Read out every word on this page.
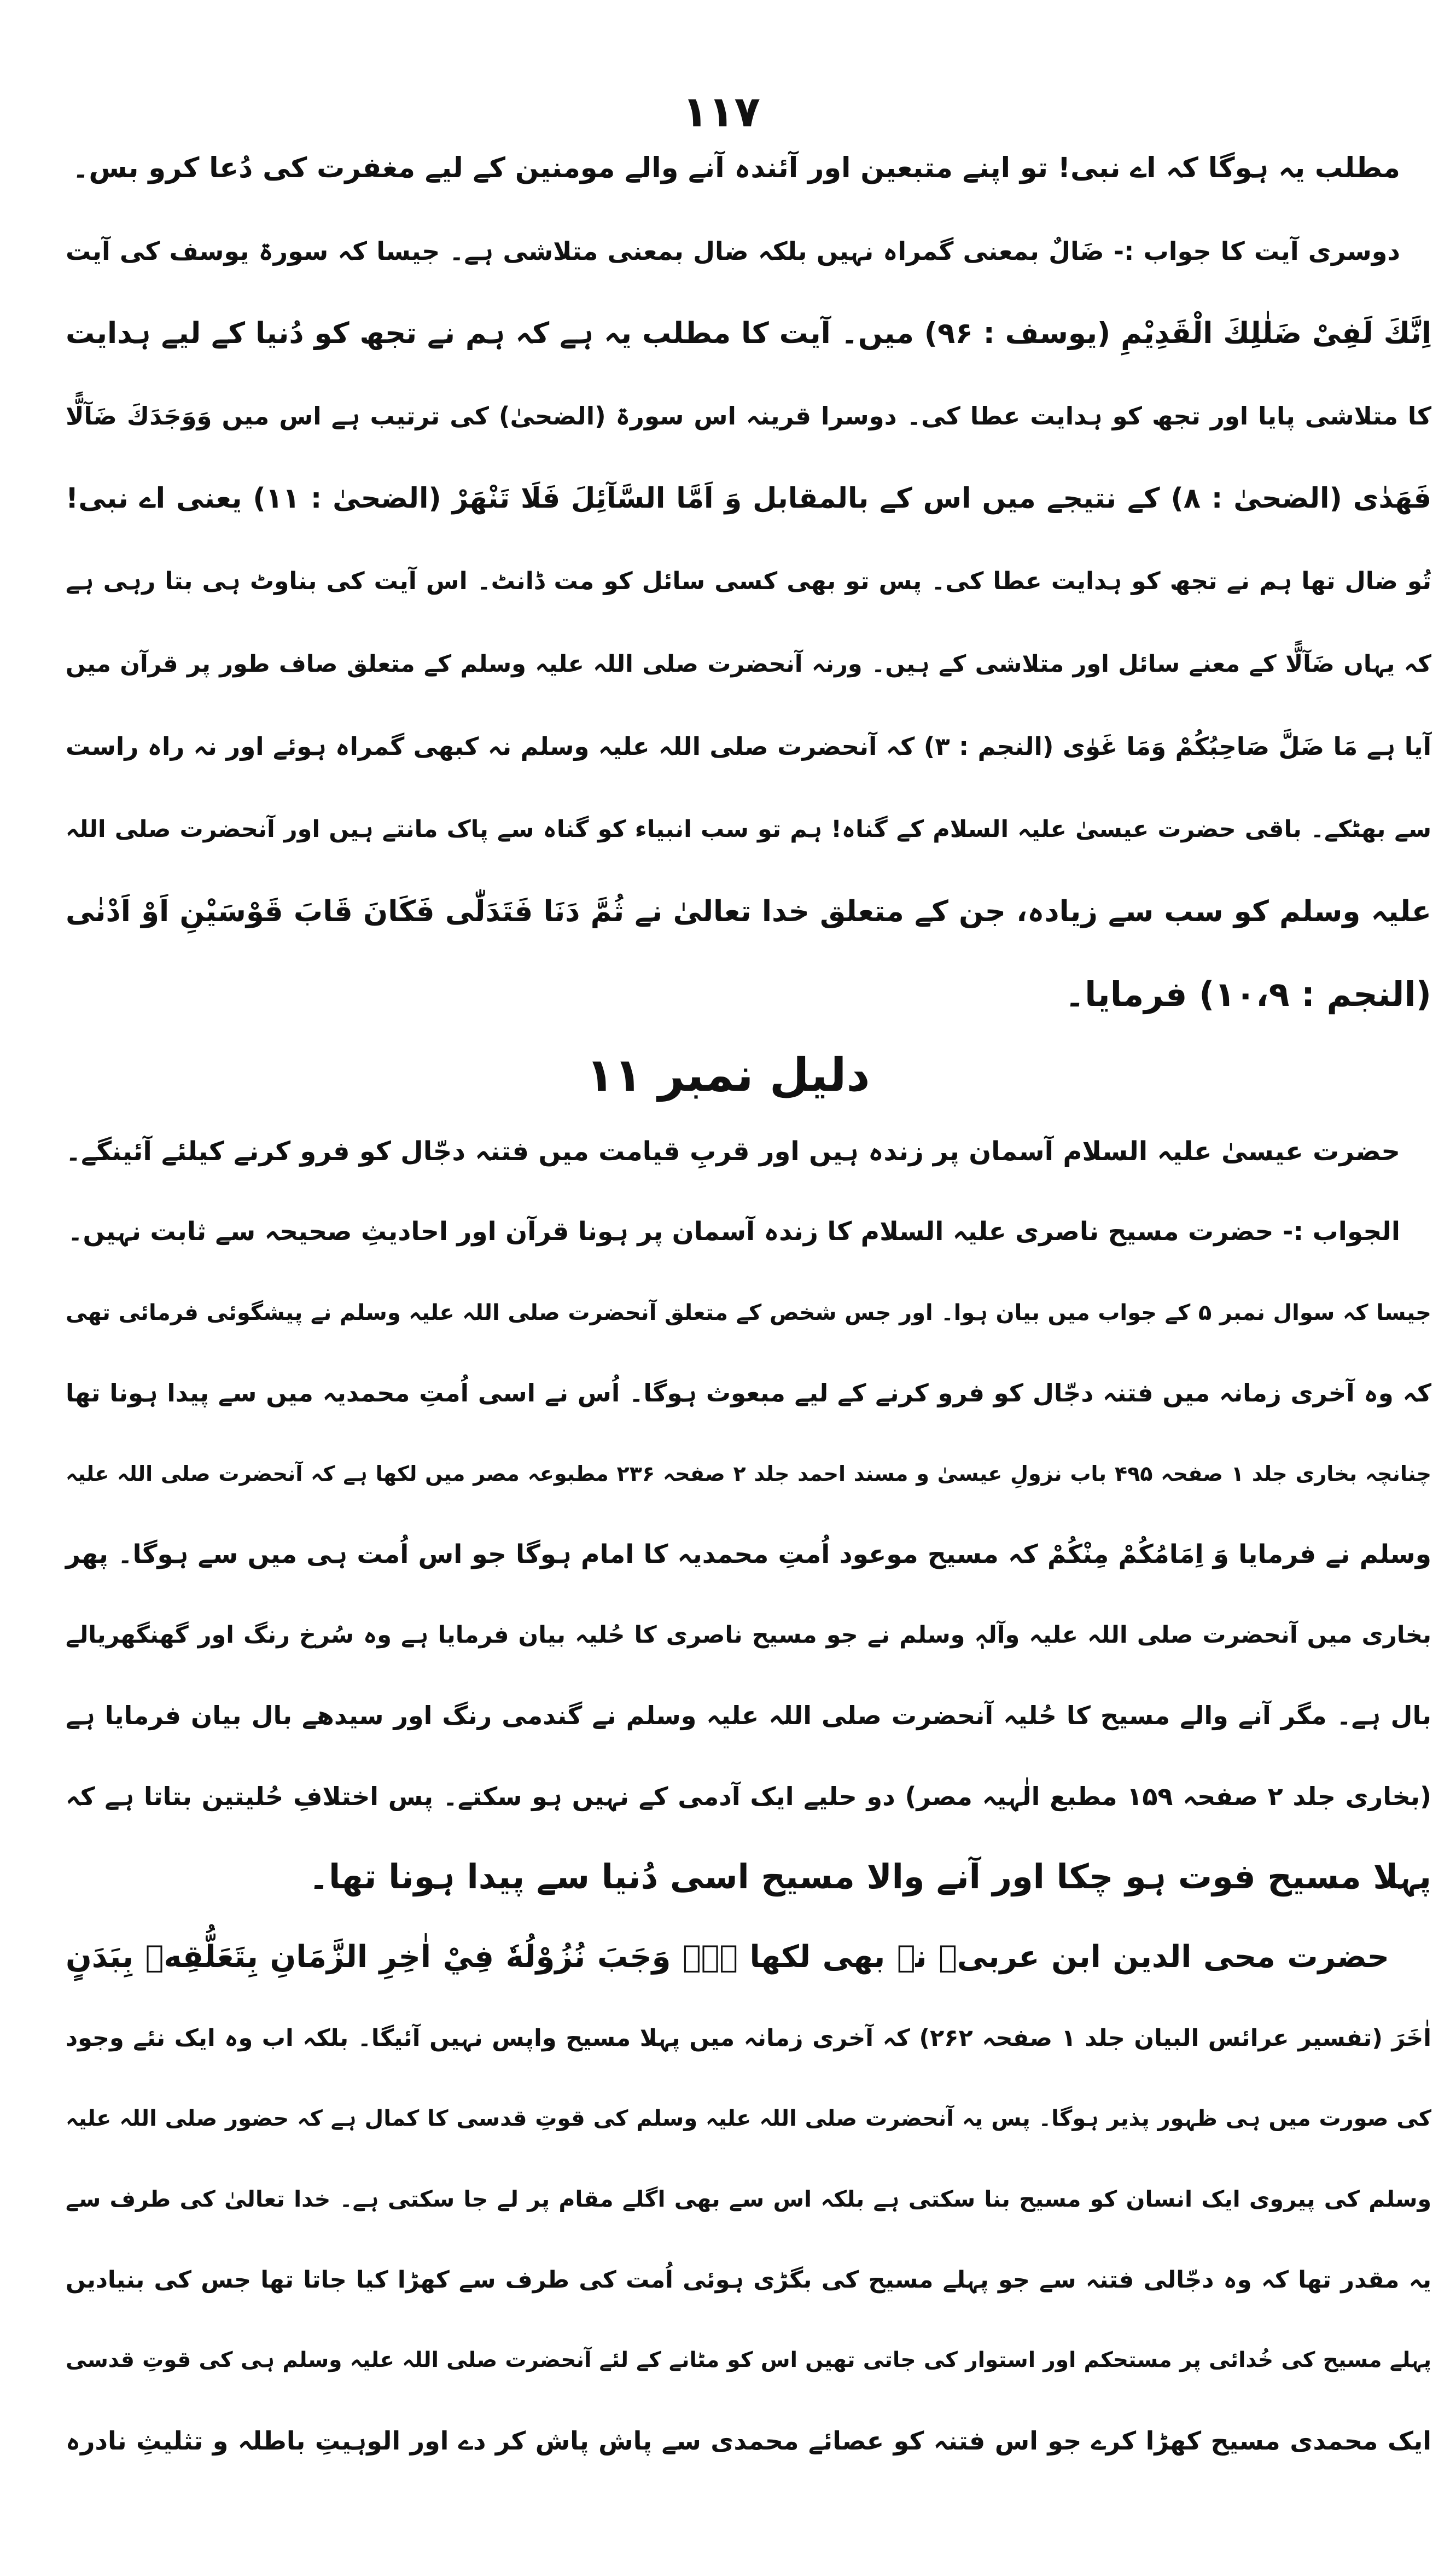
۱۱۷
مطلب یہ ہوگا کہ اے نبی! تو اپنے متبعین اور آئندہ آنے والے مومنین کے لیے مغفرت کی دُعا کرو بس۔
دوسری آیت کا جواب :- ضَالٌ بمعنی گمراہ نہیں بلکہ ضال بمعنی متلاشی ہے۔ جیسا کہ سورۃ یوسف کی آیت
اِنَّكَ لَفِىْ ضَلٰلِكَ الْقَدِيْمِ (یوسف : ۹۶) میں۔ آیت کا مطلب یہ ہے کہ ہم نے تجھ کو دُنیا کے لیے ہدایت
کا متلاشی پایا اور تجھ کو ہدایت عطا کی۔ دوسرا قرینہ اس سورۃ (الضحیٰ) کی ترتیب ہے اس میں وَوَجَدَكَ ضَآلًّا
فَهَدٰى (الضحیٰ : ۸) کے نتیجے میں اس کے بالمقابل وَ اَمَّا السَّآئِلَ فَلَا تَنْهَرْ (الضحیٰ : ۱۱) یعنی اے نبی!
تُو ضال تھا ہم نے تجھ کو ہدایت عطا کی۔ پس تو بھی کسی سائل کو مت ڈانٹ۔ اس آیت کی بناوٹ ہی بتا رہی ہے
کہ یہاں ضَآلًّا کے معنے سائل اور متلاشی کے ہیں۔ ورنہ آنحضرت صلی اللہ علیہ وسلم کے متعلق صاف طور پر قرآن میں
آیا ہے مَا ضَلَّ صَاحِبُكُمْ وَمَا غَوٰى (النجم : ۳) کہ آنحضرت صلی اللہ علیہ وسلم نہ کبھی گمراہ ہوئے اور نہ راہ راست
سے بھٹکے۔ باقی حضرت عیسیٰ علیہ السلام کے گناہ! ہم تو سب انبیاء کو گناہ سے پاک مانتے ہیں اور آنحضرت صلی اللہ
علیہ وسلم کو سب سے زیادہ، جن کے متعلق خدا تعالیٰ نے ثُمَّ دَنَا فَتَدَلّٰى فَكَانَ قَابَ قَوْسَيْنِ اَوْ اَدْنٰى
(النجم : ۱۰،۹) فرمایا۔
دلیل نمبر ۱۱
حضرت عیسیٰ علیہ السلام آسمان پر زندہ ہیں اور قربِ قیامت میں فتنہ دجّال کو فرو کرنے کیلئے آئینگے۔
الجواب :- حضرت مسیح ناصری علیہ السلام کا زندہ آسمان پر ہونا قرآن اور احادیثِ صحیحہ سے ثابت نہیں۔
جیسا کہ سوال نمبر ۵ کے جواب میں بیان ہوا۔ اور جس شخص کے متعلق آنحضرت صلی اللہ علیہ وسلم نے پیشگوئی فرمائی تھی
کہ وہ آخری زمانہ میں فتنہ دجّال کو فرو کرنے کے لیے مبعوث ہوگا۔ اُس نے اسی اُمتِ محمدیہ میں سے پیدا ہونا تھا
چنانچہ بخاری جلد ۱ صفحہ ۴۹۵ باب نزولِ عیسیٰ و مسند احمد جلد ۲ صفحہ ۲۳۶ مطبوعہ مصر میں لکھا ہے کہ آنحضرت صلی اللہ علیہ
وسلم نے فرمایا وَ اِمَامُكُمْ مِنْكُمْ کہ مسیح موعود اُمتِ محمدیہ کا امام ہوگا جو اس اُمت ہی میں سے ہوگا۔ پھر
بخاری میں آنحضرت صلی اللہ علیہ وآلہٖ وسلم نے جو مسیح ناصری کا حُلیہ بیان فرمایا ہے وہ سُرخ رنگ اور گھنگھریالے
بال ہے۔ مگر آنے والے مسیح کا حُلیہ آنحضرت صلی اللہ علیہ وسلم نے گندمی رنگ اور سیدھے بال بیان فرمایا ہے
(بخاری جلد ۲ صفحہ ۱۵۹ مطبع الٰہیہ مصر) دو حلیے ایک آدمی کے نہیں ہو سکتے۔ پس اختلافِ حُلیتین بتاتا ہے کہ
پہلا مسیح فوت ہو چکا اور آنے والا مسیح اسی دُنیا سے پیدا ہونا تھا۔
حضرت محی الدین ابن عربیؒ نے بھی لکھا ہے۔ وَجَبَ نُزُوْلُهٗ فِيْ اٰخِرِ الزَّمَانِ بِتَعَلُّقِهٖ بِبَدَنٍ
اٰخَرَ (تفسیر عرائس البیان جلد ۱ صفحہ ۲۶۲) کہ آخری زمانہ میں پہلا مسیح واپس نہیں آئیگا۔ بلکہ اب وہ ایک نئے وجود
کی صورت میں ہی ظہور پذیر ہوگا۔ پس یہ آنحضرت صلی اللہ علیہ وسلم کی قوتِ قدسی کا کمال ہے کہ حضور صلی اللہ علیہ
وسلم کی پیروی ایک انسان کو مسیح بنا سکتی ہے بلکہ اس سے بھی اگلے مقام پر لے جا سکتی ہے۔ خدا تعالیٰ کی طرف سے
یہ مقدر تھا کہ وہ دجّالی فتنہ سے جو پہلے مسیح کی بگڑی ہوئی اُمت کی طرف سے کھڑا کیا جاتا تھا جس کی بنیادیں
پہلے مسیح کی خُدائی پر مستحکم اور استوار کی جاتی تھیں اس کو مٹانے کے لئے آنحضرت صلی اللہ علیہ وسلم ہی کی قوتِ قدسی
ایک محمدی مسیح کھڑا کرے جو اس فتنہ کو عصائے محمدی سے پاش پاش کر دے اور الوہیتِ باطلہ و تثلیثِ نادرہ
